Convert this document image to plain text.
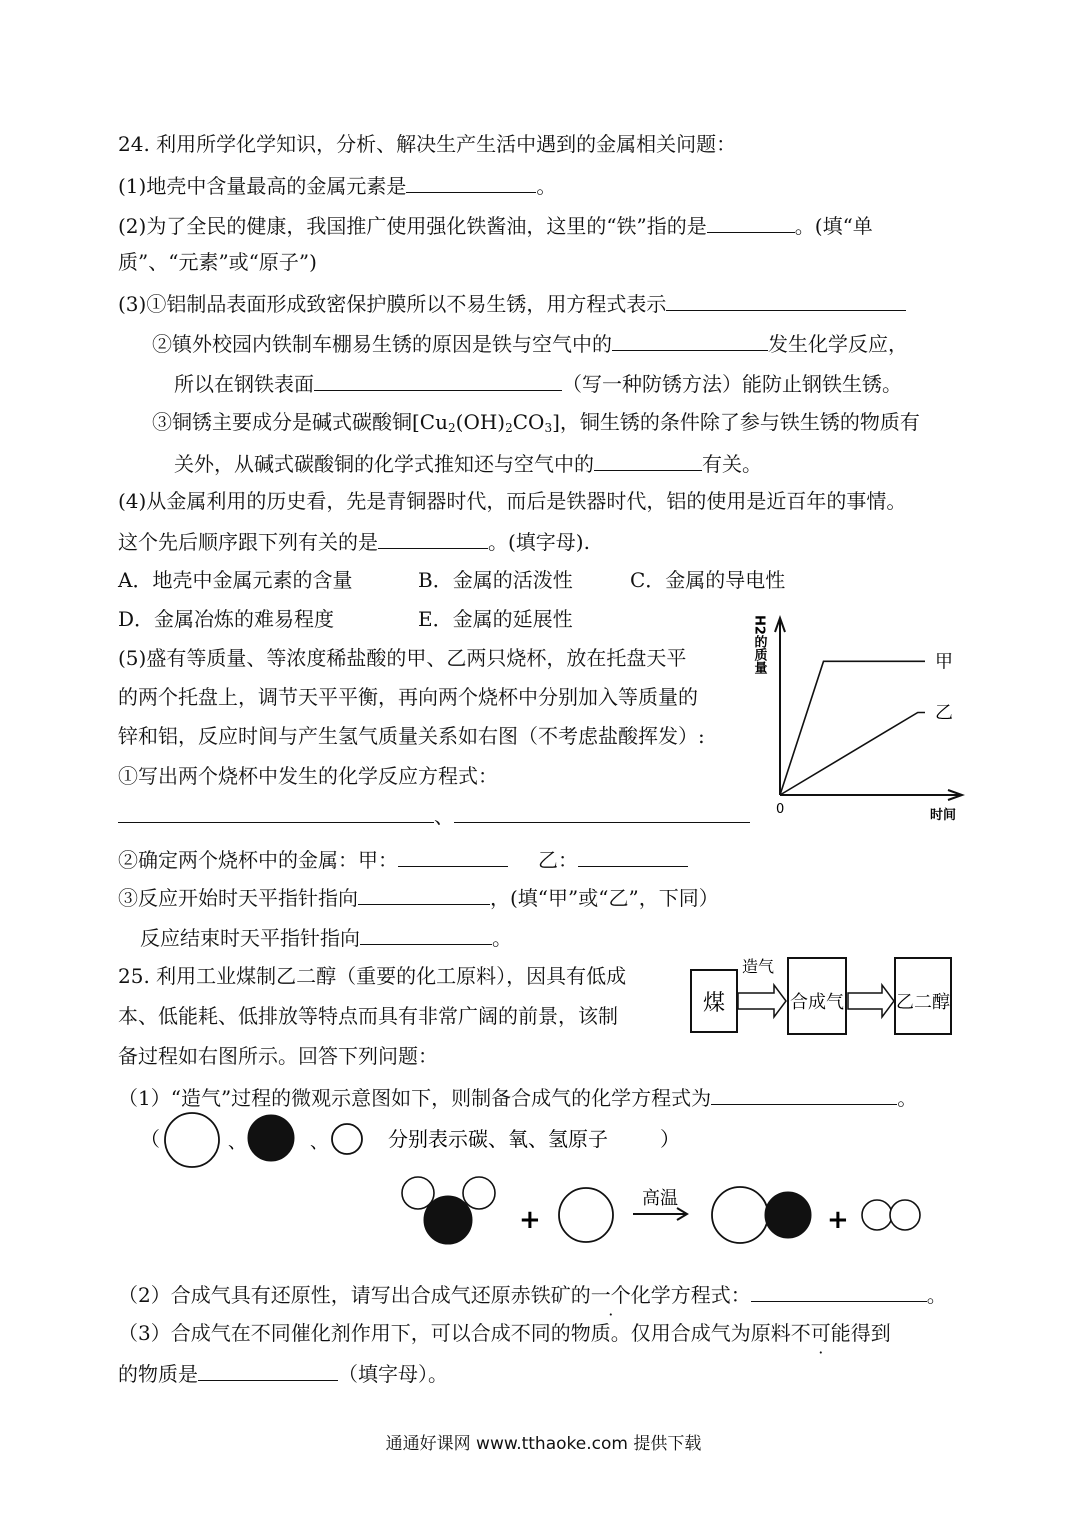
24. 利用所学化学知识，分析、解决生产生活中遇到的金属相关问题：
(1)地壳中含量最高的金属元素是	。
(2)为了全民的健康，我国推广使用强化铁酱油，这里的“铁”指的是	。(填“单
质”、“元素”或“原子”)
(3)①铝制品表面形成致密保护膜所以不易生锈，用方程式表示
②镇外校园内铁制车棚易生锈的原因是铁与空气中的	发生化学反应，
所以在钢铁表面	（写一种防锈方法）能防止钢铁生锈。
③铜锈主要成分是碱式碳酸铜$[Cu_2(OH)_2CO_3]$，铜生锈的条件除了参与铁生锈的物质有
关外，从碱式碳酸铜的化学式推知还与空气中的	有关。
(4)从金属利用的历史看，先是青铜器时代，而后是铁器时代，铝的使用是近百年的事情。
这个先后顺序跟下列有关的是	。(填字母).
A．地壳中金属元素的含量	B．金属的活泼性	C．金属的导电性
D．金属冶炼的难易程度	E．金属的延展性
(5)盛有等质量、等浓度稀盐酸的甲、乙两只烧杯，放在托盘天平
的两个托盘上，调节天平平衡，再向两个烧杯中分别加入等质量的
锌和铝，反应时间与产生氢气质量关系如右图（不考虑盐酸挥发）:
①写出两个烧杯中发生的化学反应方程式：
、
②确定两个烧杯中的金属：甲：	乙：
③反应开始时天平指针指向	，(填“甲”或“乙”，下同）
反应结束时天平指针指向	。
甲
乙
H2的质量
时间
0
25. 利用工业煤制乙二醇（重要的化工原料），因具有低成
本、低能耗、低排放等特点而具有非常广阔的前景，该制
备过程如右图所示。回答下列问题：
煤
造气
合成气	乙二醇
（1）“造气”过程的微观示意图如下，则制备合成气的化学方程式为	。
（	、	、	分别表示碳、氧、氢原子	）
+
高温
+
（2）合成气具有还原性，请写出合成气还原赤铁矿的一个化学方程式：	。
（3）合成气在不同催化剂作用下，可以合成不同的物质。仅用合成气为原料不可能得到
的物质是	（填字母）。
通通好课网 www.tthaoke.com 提供下载
